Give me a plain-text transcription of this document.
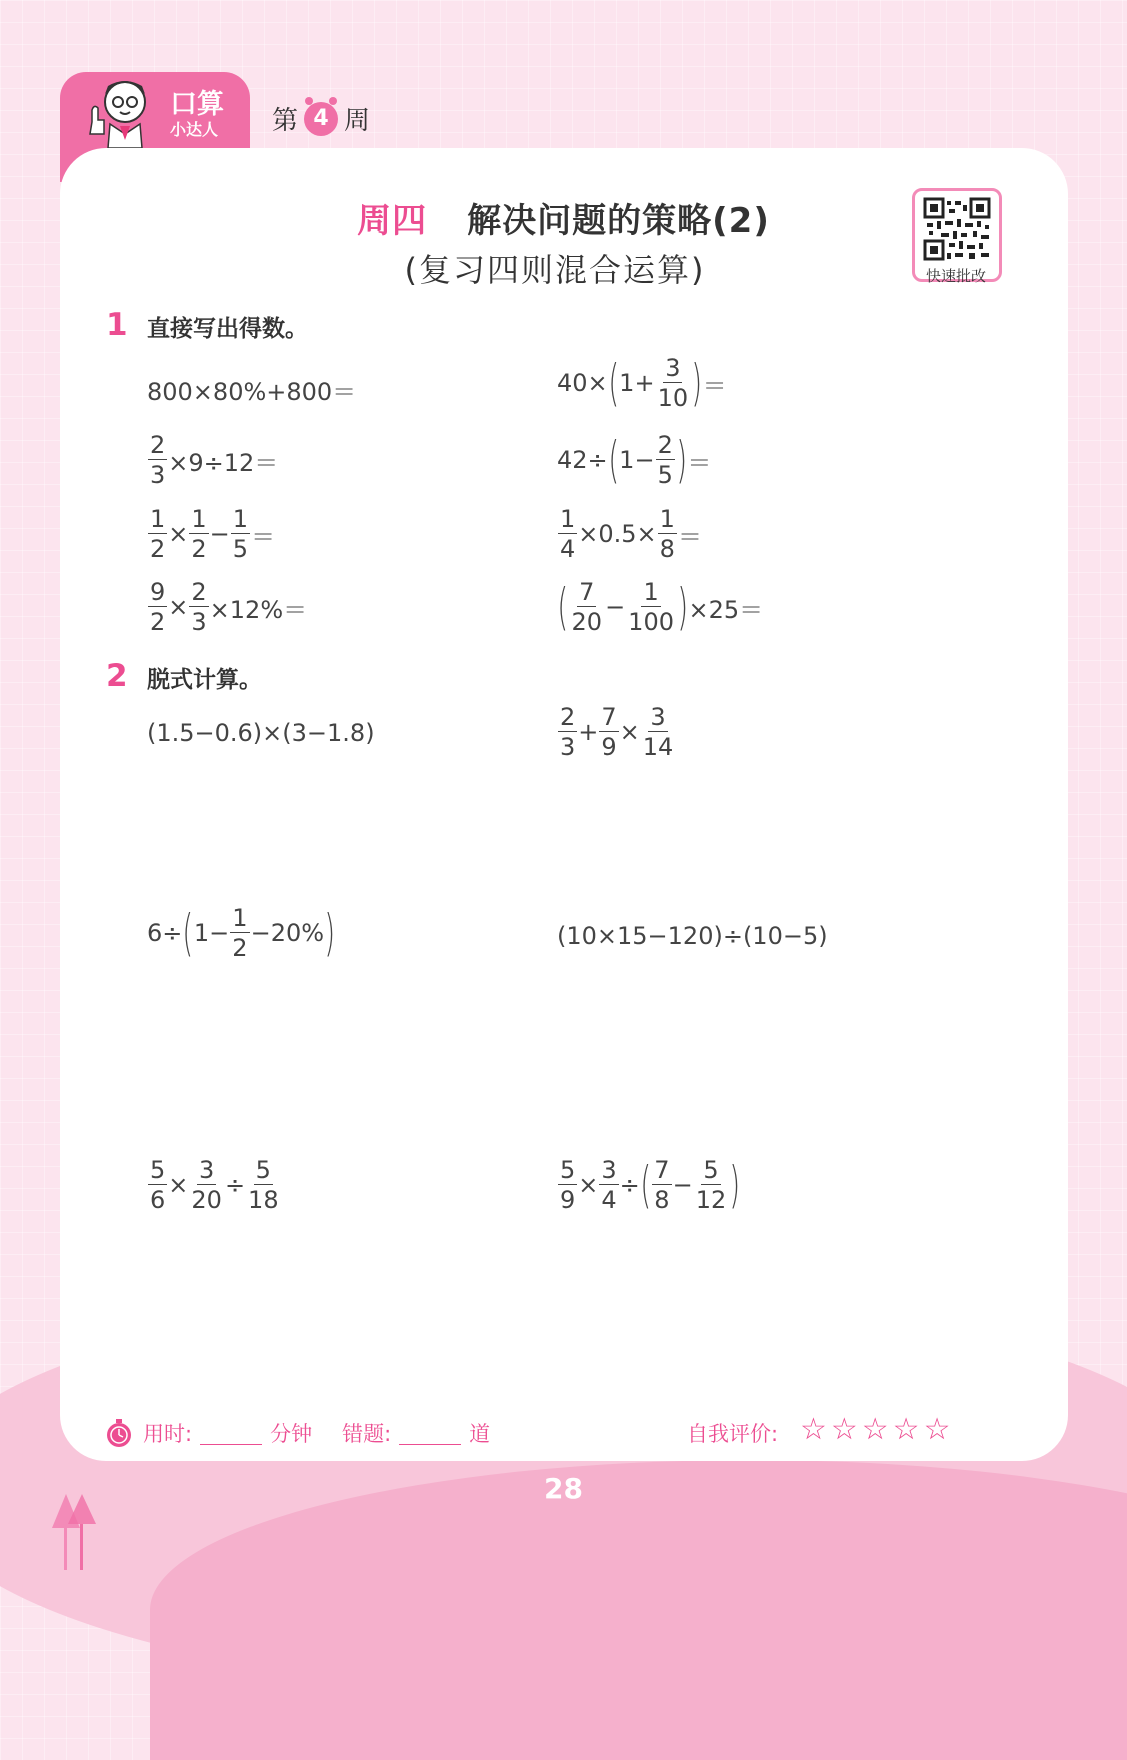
口算
小达人 第 4 周
周四 解决问题的策略(2)
(复习四则混合运算)	快速批改
1 直接写出得数。
800×80%+800＝	40× ( $1+ \frac{3}{10}$ ) ＝
$\frac{2}{3} \times 9\div 12=$	42÷ ( $1- \frac{2}{5}$ ) ＝
$\frac{1}{2} \times \frac{1}{2} - \frac{1}{5}$ ＝	$\frac{1}{4} \times 0.5\times \frac{1}{8}$ ＝
$\frac{9}{2} \times \frac{2}{3} \times 12\%=$	( $\frac{7}{20} - \frac{1}{100}$ ) ×25＝
2 脱式计算。
(1.5−0.6)×(3−1.8)	$\frac{2}{3} + \frac{7}{9} \times \frac{3}{14}$
6÷ ( $1- \frac{1}{2} -20\%$ )	(10×15−120)÷(10−5)
$\frac{5}{6} \times \frac{3}{20} \div \frac{5}{18}$	$\frac{5}{9} \times \frac{3}{4}$ ÷ ( $\frac{7}{8} - \frac{5}{12}$ )
用时:	分钟 错题:	道	自我评价: ☆☆☆☆☆
28
